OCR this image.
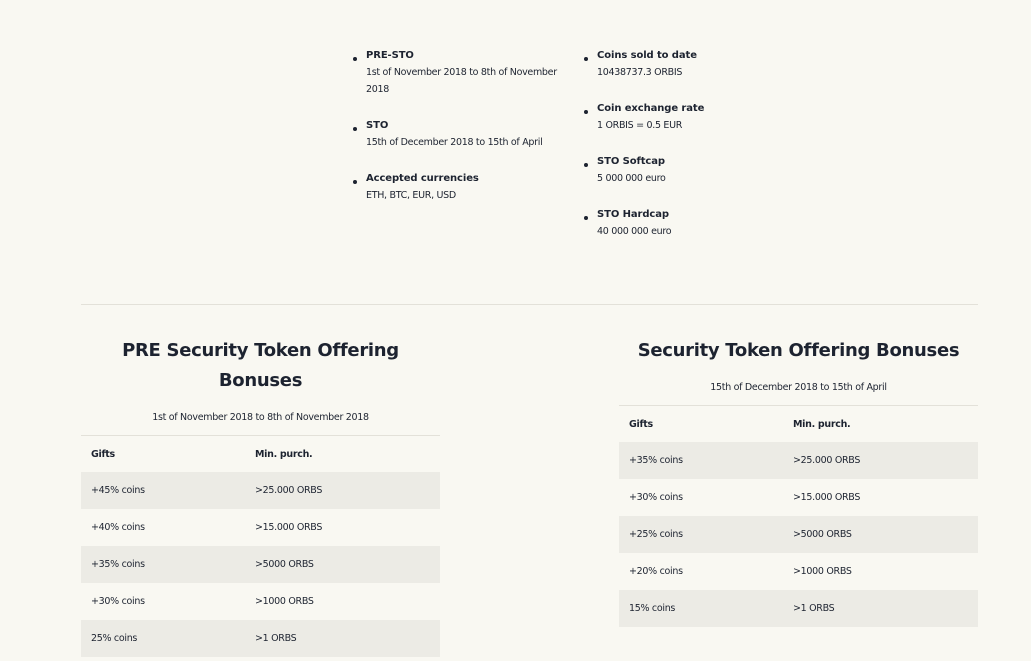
PRE-STO
1st of November 2018 to 8th of November 2018
STO
15th of December 2018 to 15th of April
Accepted currencies
ETH, BTC, EUR, USD
Coins sold to date
10438737.3 ORBIS
Coin exchange rate
1 ORBIS = 0.5 EUR
STO Softcap
5 000 000 euro
STO Hardcap
40 000 000 euro
PRE Security Token Offering Bonuses
1st of November 2018 to 8th of November 2018
Gifts	Min. purch.
+45% coins	>25.000 ORBS
+40% coins	>15.000 ORBS
+35% coins	>5000 ORBS
+30% coins	>1000 ORBS
25% coins	>1 ORBS
Security Token Offering Bonuses
15th of December 2018 to 15th of April
Gifts	Min. purch.
+35% coins	>25.000 ORBS
+30% coins	>15.000 ORBS
+25% coins	>5000 ORBS
+20% coins	>1000 ORBS
15% coins	>1 ORBS
